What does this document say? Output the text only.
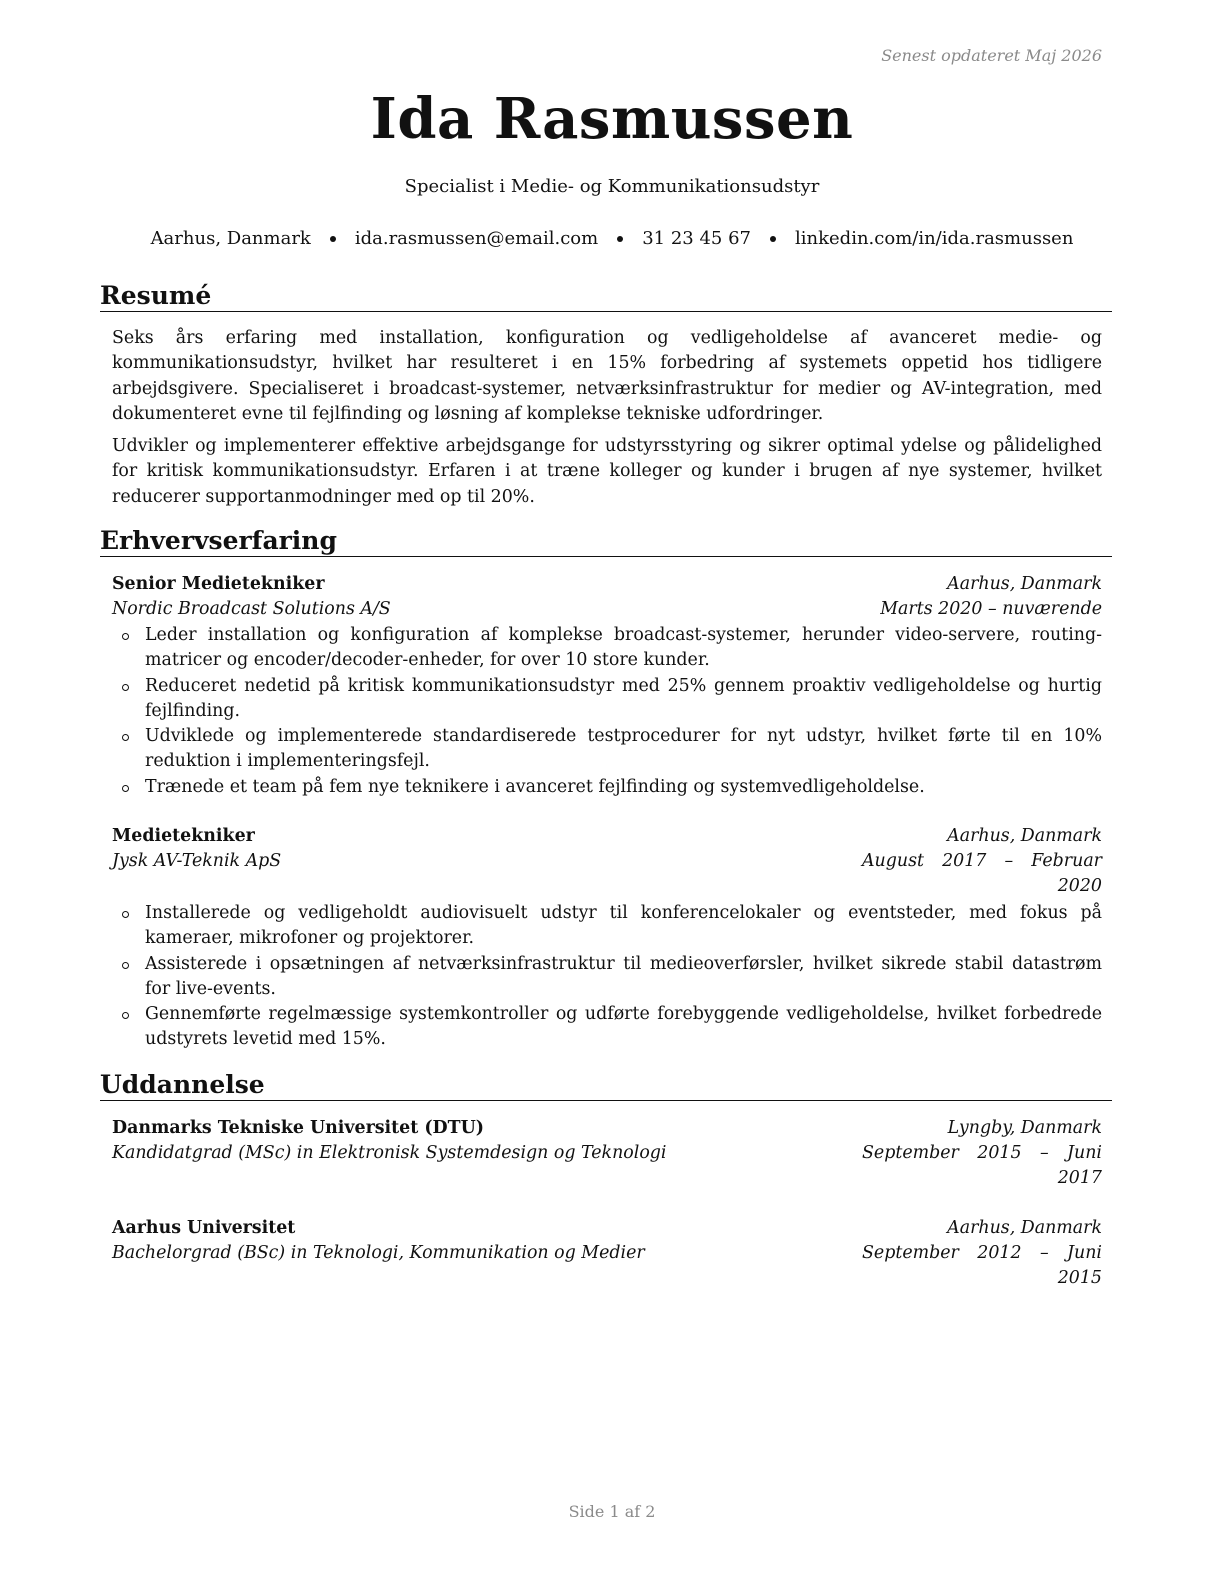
Senest opdateret Maj 2026
Ida Rasmussen
Specialist i Medie- og Kommunikationsudstyr
Aarhus, Danmark ida.rasmussen@email.com 31 23 45 67 linkedin.com/in/ida.rasmussen
Resumé

Seks års erfaring med installation, konfiguration og vedligeholdelse af avanceret medie- og kommunikationsudstyr, hvilket har resulteret i en 15% forbedring af systemets oppetid hos tidligere arbejdsgivere. Specialiseret i broadcast-systemer, netværksinfrastruktur for medier og AV-integration, med dokumenteret evne til fejlfinding og løsning af komplekse tekniske udfordringer.

Udvikler og implementerer effektive arbejdsgange for udstyrsstyring og sikrer optimal ydelse og pålidelighed for kritisk kommunikationsudstyr. Erfaren i at træne kolleger og kunder i brugen af nye systemer, hvilket reducerer supportanmodninger med op til 20%.

Erhvervserfaring
Senior Medietekniker	Aarhus, Danmark
Nordic Broadcast Solutions A/S	Marts 2020 – nuværende
Leder installation og konfiguration af komplekse broadcast-systemer, herunder video-servere, routing-matricer og encoder/decoder-enheder, for over 10 store kunder.
Reduceret nedetid på kritisk kommunikationsudstyr med 25% gennem proaktiv vedligeholdelse og hurtig fejlfinding.
Udviklede og implementerede standardiserede testprocedurer for nyt udstyr, hvilket førte til en 10% reduktion i implementeringsfejl.
Trænede et team på fem nye teknikere i avanceret fejlfinding og systemvedligeholdelse.
Medietekniker	Aarhus, Danmark
Jysk AV-Teknik ApS	August 2017 – Februar 2020
Installerede og vedligeholdt audiovisuelt udstyr til konferencelokaler og eventsteder, med fokus på kameraer, mikrofoner og projektorer.
Assisterede i opsætningen af netværksinfrastruktur til medieoverførsler, hvilket sikrede stabil datastrøm for live-events.
Gennemførte regelmæssige systemkontroller og udførte forebyggende vedligeholdelse, hvilket forbedrede udstyrets levetid med 15%.
Uddannelse
Danmarks Tekniske Universitet (DTU)	Lyngby, Danmark
Kandidatgrad (MSc) in Elektronisk Systemdesign og Teknologi	September 2015 – Juni 2017
Aarhus Universitet	Aarhus, Danmark
Bachelorgrad (BSc) in Teknologi, Kommunikation og Medier	September 2012 – Juni 2015
Side 1 af 2
